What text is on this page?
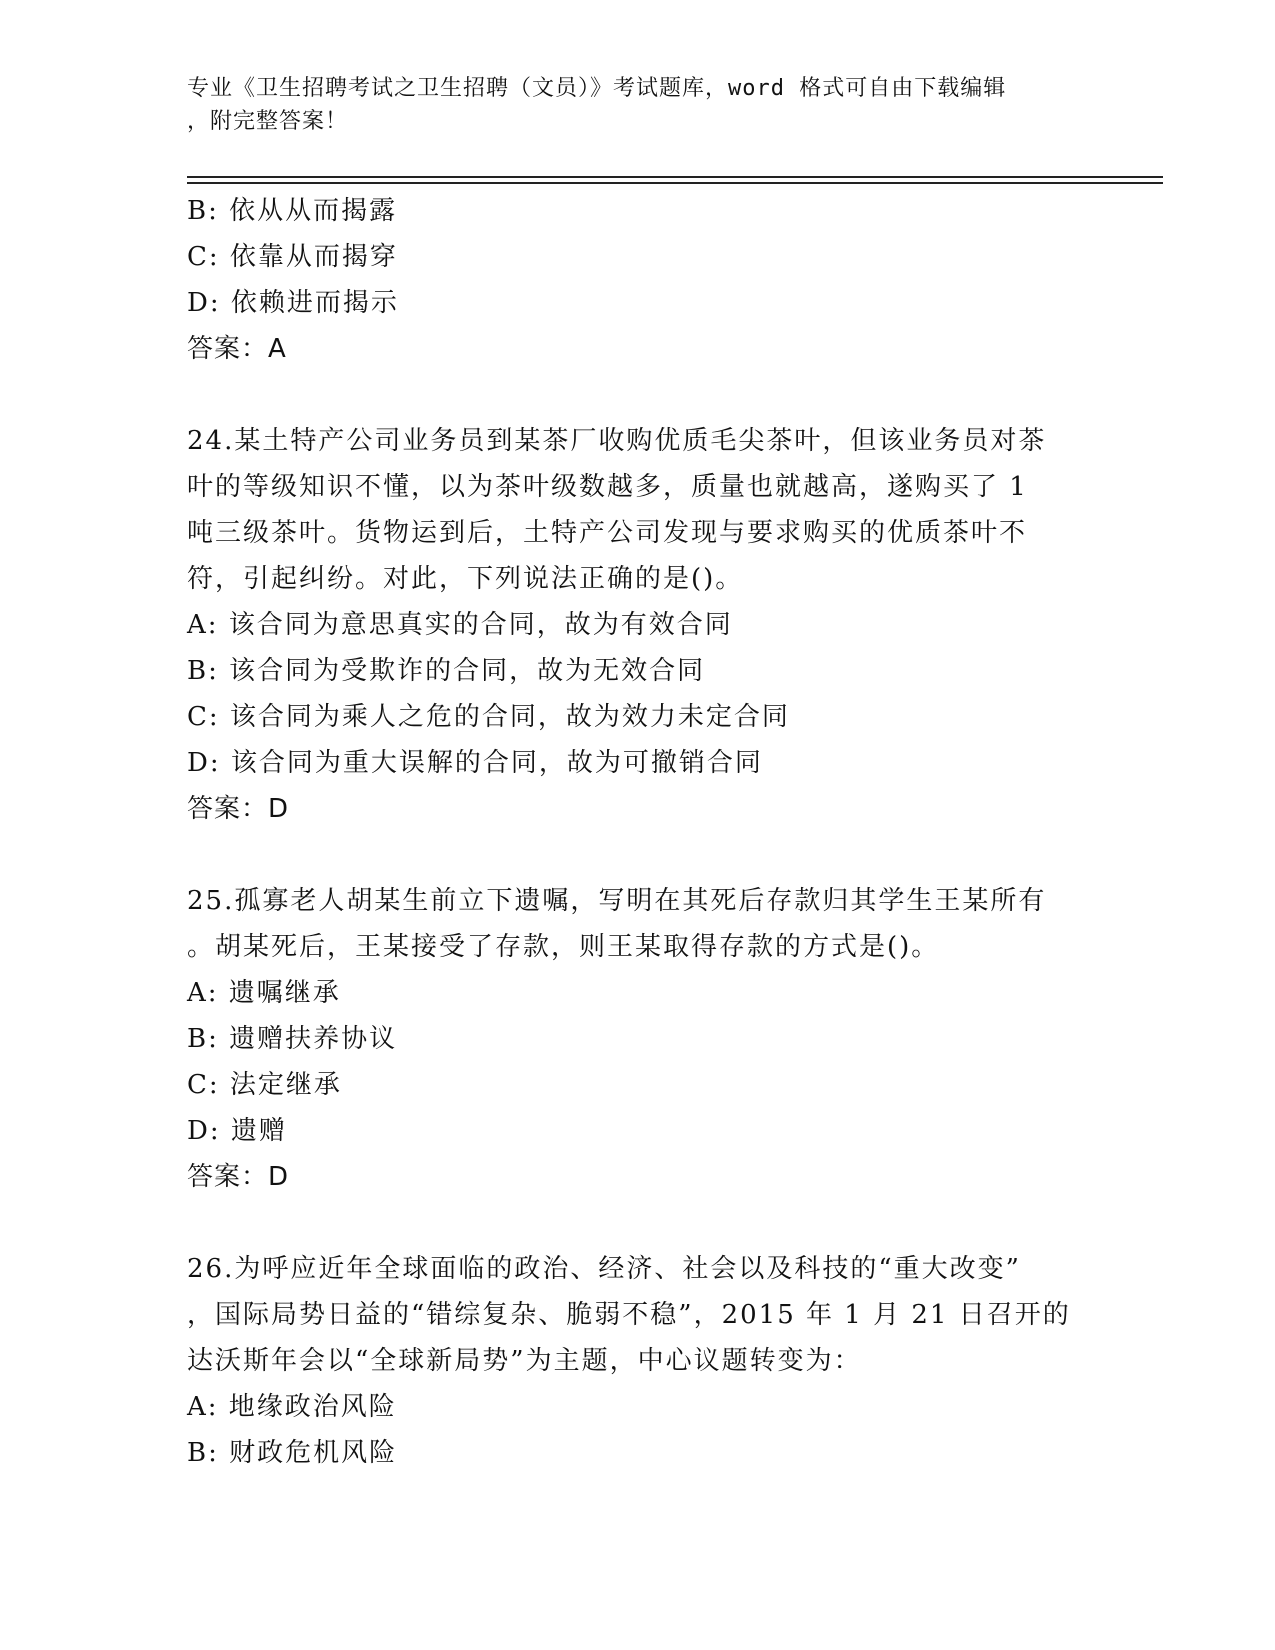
专业《卫生招聘考试之卫生招聘（文员）》考试题库，word 格式可自由下载编辑
，附完整答案！
B: 依从从而揭露
C: 依靠从而揭穿
D: 依赖进而揭示
答案：A
24.某土特产公司业务员到某茶厂收购优质毛尖茶叶，但该业务员对茶
叶的等级知识不懂，以为茶叶级数越多，质量也就越高，遂购买了 1
吨三级茶叶。货物运到后，土特产公司发现与要求购买的优质茶叶不
符，引起纠纷。对此，下列说法正确的是()。
A: 该合同为意思真实的合同，故为有效合同
B: 该合同为受欺诈的合同，故为无效合同
C: 该合同为乘人之危的合同，故为效力未定合同
D: 该合同为重大误解的合同，故为可撤销合同
答案：D
25.孤寡老人胡某生前立下遗嘱，写明在其死后存款归其学生王某所有
。胡某死后，王某接受了存款，则王某取得存款的方式是()。
A: 遗嘱继承
B: 遗赠扶养协议
C: 法定继承
D: 遗赠
答案：D
26.为呼应近年全球面临的政治、经济、社会以及科技的“重大改变”
，国际局势日益的“错综复杂、脆弱不稳”，2015 年 1 月 21 日召开的
达沃斯年会以“全球新局势”为主题，中心议题转变为：
A: 地缘政治风险
B: 财政危机风险
